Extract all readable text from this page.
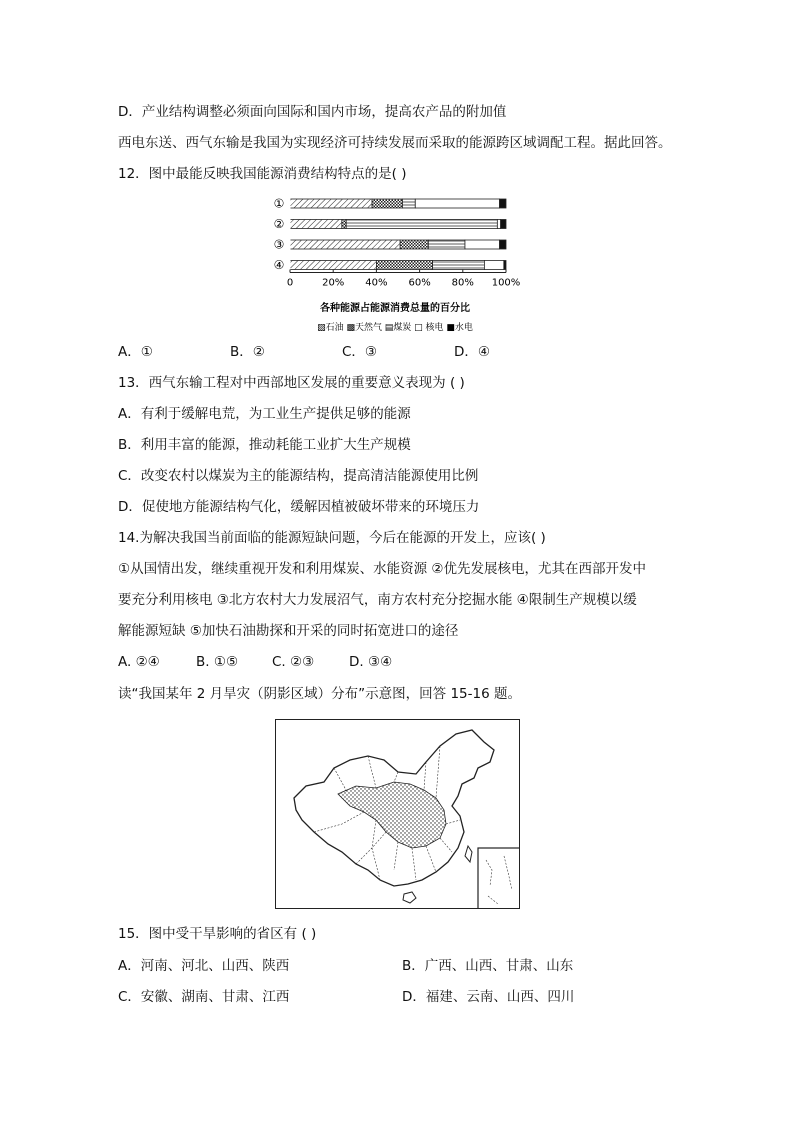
D．产业结构调整必须面向国际和国内市场，提高农产品的附加值
西电东送、西气东输是我国为实现经济可持续发展而采取的能源跨区域调配工程。据此回答。
12．图中最能反映我国能源消费结构特点的是( )
①
②
③
④
0	20% 40% 60% 80% 100%
各种能源占能源消费总量的百分比
▨石油 ▩天然气 ▤煤炭 □ 核电 ■水电
A．①	B．②	C．③	D．④
13．西气东输工程对中西部地区发展的重要意义表现为 ( )
A．有利于缓解电荒，为工业生产提供足够的能源
B．利用丰富的能源，推动耗能工业扩大生产规模
C．改变农村以煤炭为主的能源结构，提高清洁能源使用比例
D．促使地方能源结构气化，缓解因植被破坏带来的环境压力
14.为解决我国当前面临的能源短缺问题，今后在能源的开发上，应该( )
①从国情出发，继续重视开发和利用煤炭、水能资源 ②优先发展核电，尤其在西部开发中
要充分利用核电 ③北方农村大力发展沼气，南方农村充分挖掘水能 ④限制生产规模以缓
解能源短缺 ⑤加快石油勘探和开采的同时拓宽进口的途径
A. ②④	B. ①⑤	C. ②③	D. ③④
读“我国某年 2 月旱灾（阴影区域）分布”示意图，回答 15-16 题。
15．图中受干旱影响的省区有 ( )
A．河南、河北、山西、陕西	B．广西、山西、甘肃、山东
C．安徽、湖南、甘肃、江西	D．福建、云南、山西、四川
